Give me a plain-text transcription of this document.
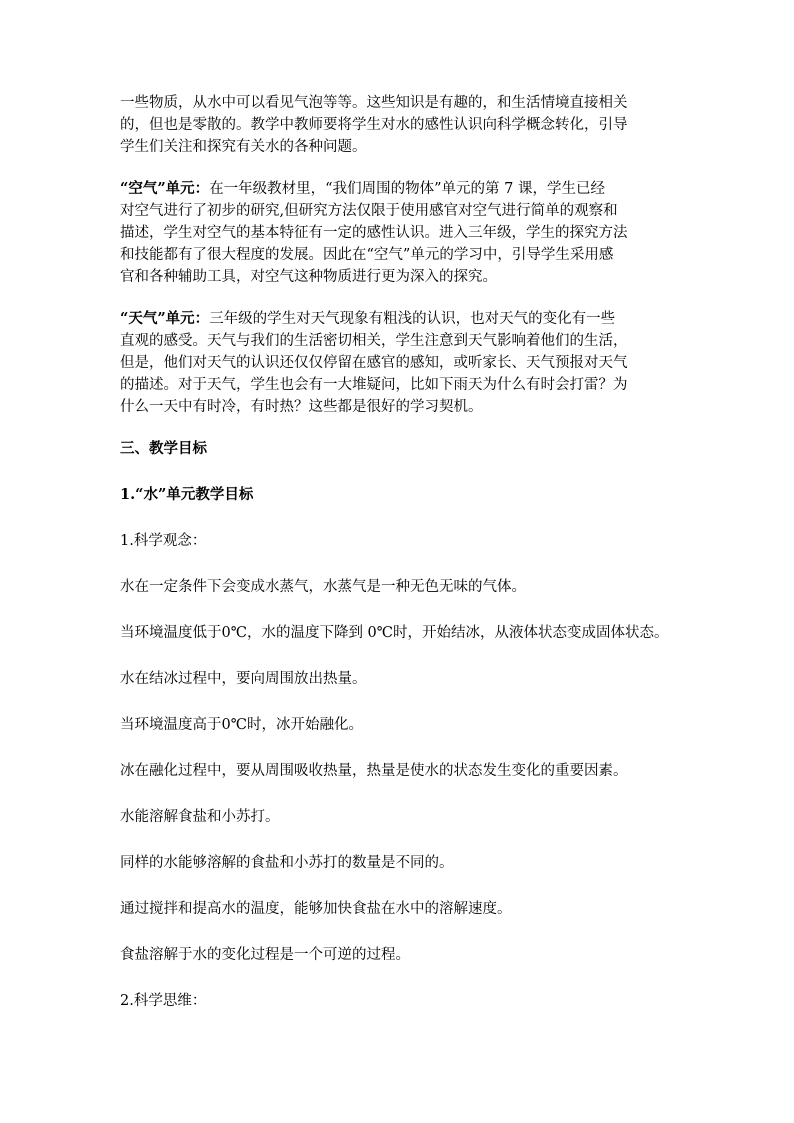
一些物质，从水中可以看见气泡等等。这些知识是有趣的，和生活情境直接相关

的，但也是零散的。教学中教师要将学生对水的感性认识向科学概念转化，引导

学生们关注和探究有关水的各种问题。

“空气”单元：在一年级教材里，“我们周围的物体”单元的第 7 课，学生已经

对空气进行了初步的研究,但研究方法仅限于使用感官对空气进行简单的观察和

描述，学生对空气的基本特征有一定的感性认识。进入三年级，学生的探究方法

和技能都有了很大程度的发展。因此在“空气”单元的学习中，引导学生采用感

官和各种辅助工具，对空气这种物质进行更为深入的探究。

“天气”单元：三年级的学生对天气现象有粗浅的认识，也对天气的变化有一些

直观的感受。天气与我们的生活密切相关，学生注意到天气影响着他们的生活，

但是，他们对天气的认识还仅仅停留在感官的感知，或听家长、天气预报对天气

的描述。对于天气，学生也会有一大堆疑问，比如下雨天为什么有时会打雷？为

什么一天中有时冷，有时热？这些都是很好的学习契机。

三、教学目标

1.“水”单元教学目标

1.科学观念：

水在一定条件下会变成水蒸气，水蒸气是一种无色无味的气体。

当环境温度低于0℃，水的温度下降到 0℃时，开始结冰，从液体状态变成固体状态。

水在结冰过程中，要向周围放出热量。

当环境温度高于0℃时，冰开始融化。

冰在融化过程中，要从周围吸收热量，热量是使水的状态发生变化的重要因素。

水能溶解食盐和小苏打。

同样的水能够溶解的食盐和小苏打的数量是不同的。

通过搅拌和提高水的温度，能够加快食盐在水中的溶解速度。

食盐溶解于水的变化过程是一个可逆的过程。

2.科学思维：
